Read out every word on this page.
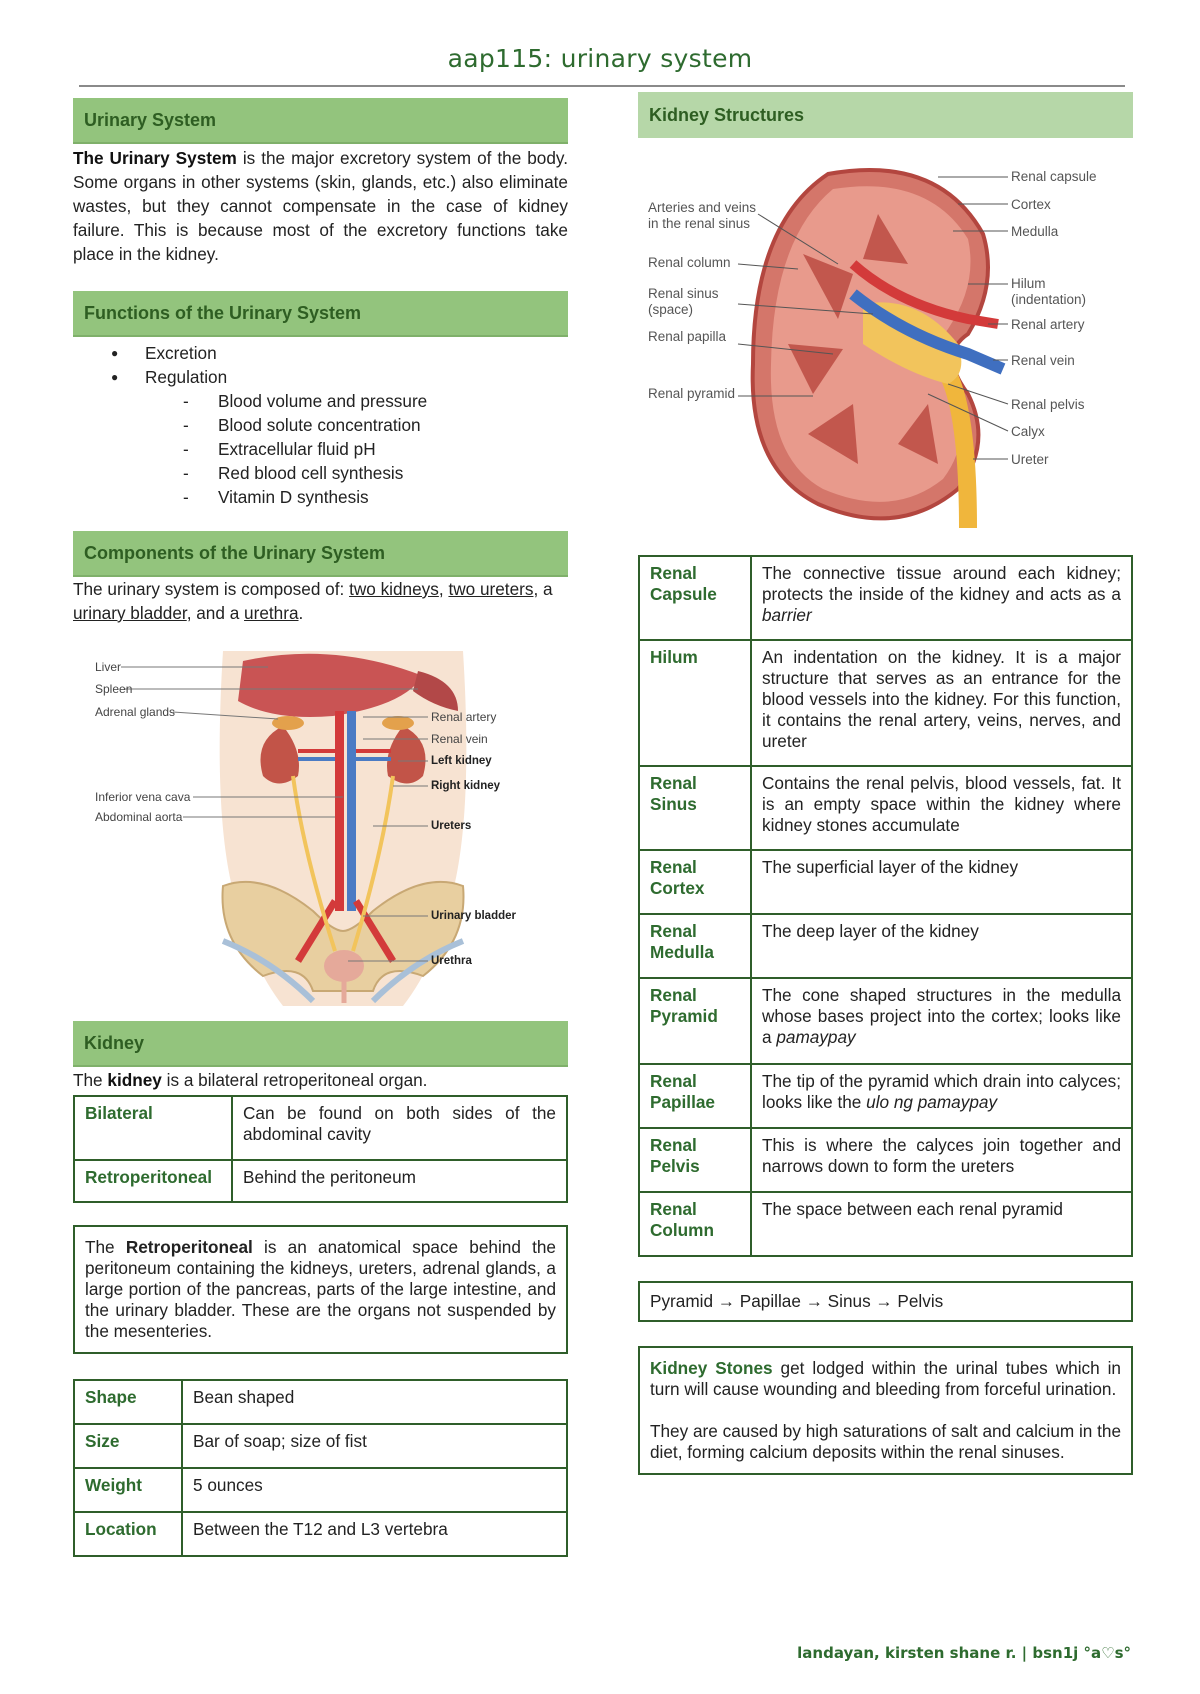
aap115: urinary system
Urinary System

The Urinary System is the major excretory system of the body. Some organs in other systems (skin, glands, etc.) also eliminate wastes, but they cannot compensate in the case of kidney failure. This is because most of the excretory functions take place in the kidney.

Functions of the Urinary System
● Excretion
● Regulation
- Blood volume and pressure
- Blood solute concentration
- Extracellular fluid pH
- Red blood cell synthesis
- Vitamin D synthesis
Components of the Urinary System

The urinary system is composed of: two kidneys, two ureters, a urinary bladder, and a urethra.

Liver
Spleen
Adrenal glands
Inferior vena cava
Abdominal aorta
Renal artery
Renal vein
Left kidney
Right kidney
Ureters
Urinary bladder
Urethra
Kidney

The kidney is a bilateral retroperitoneal organ.

Bilateral	Can be found on both sides of the abdominal cavity
Retroperitoneal	Behind the peritoneum
The Retroperitoneal is an anatomical space behind the peritoneum containing the kidneys, ureters, adrenal glands, a large portion of the pancreas, parts of the large intestine, and the urinary bladder. These are the organs not suspended by the mesenteries.
Shape	Bean shaped
Size	Bar of soap; size of fist
Weight	5 ounces
Location	Between the T12 and L3 vertebra
Kidney Structures
Arteries and veins
in the renal sinus
Renal column
Renal sinus
(space)
Renal papilla
Renal pyramid
Renal capsule
Cortex
Medulla
Hilum
(indentation)
Renal artery
Renal vein
Renal pelvis
Calyx
Ureter
Renal Capsule	The connective tissue around each kidney; protects the inside of the kidney and acts as a barrier
Hilum	An indentation on the kidney. It is a major structure that serves as an entrance for the blood vessels into the kidney. For this function, it contains the renal artery, veins, nerves, and ureter
Renal Sinus	Contains the renal pelvis, blood vessels, fat. It is an empty space within the kidney where kidney stones accumulate
Renal Cortex	The superficial layer of the kidney
Renal Medulla	The deep layer of the kidney
Renal Pyramid	The cone shaped structures in the medulla whose bases project into the cortex; looks like a pamaypay
Renal Papillae	The tip of the pyramid which drain into calyces; looks like the ulo ng pamaypay
Renal Pelvis	This is where the calyces join together and narrows down to form the ureters
Renal Column	The space between each renal pyramid
Pyramid → Papillae → Sinus → Pelvis

Kidney Stones get lodged within the urinal tubes which in turn will cause wounding and bleeding from forceful urination.

They are caused by high saturations of salt and calcium in the diet, forming calcium deposits within the renal sinuses.

landayan, kirsten shane r. | bsn1j °a♡s°
